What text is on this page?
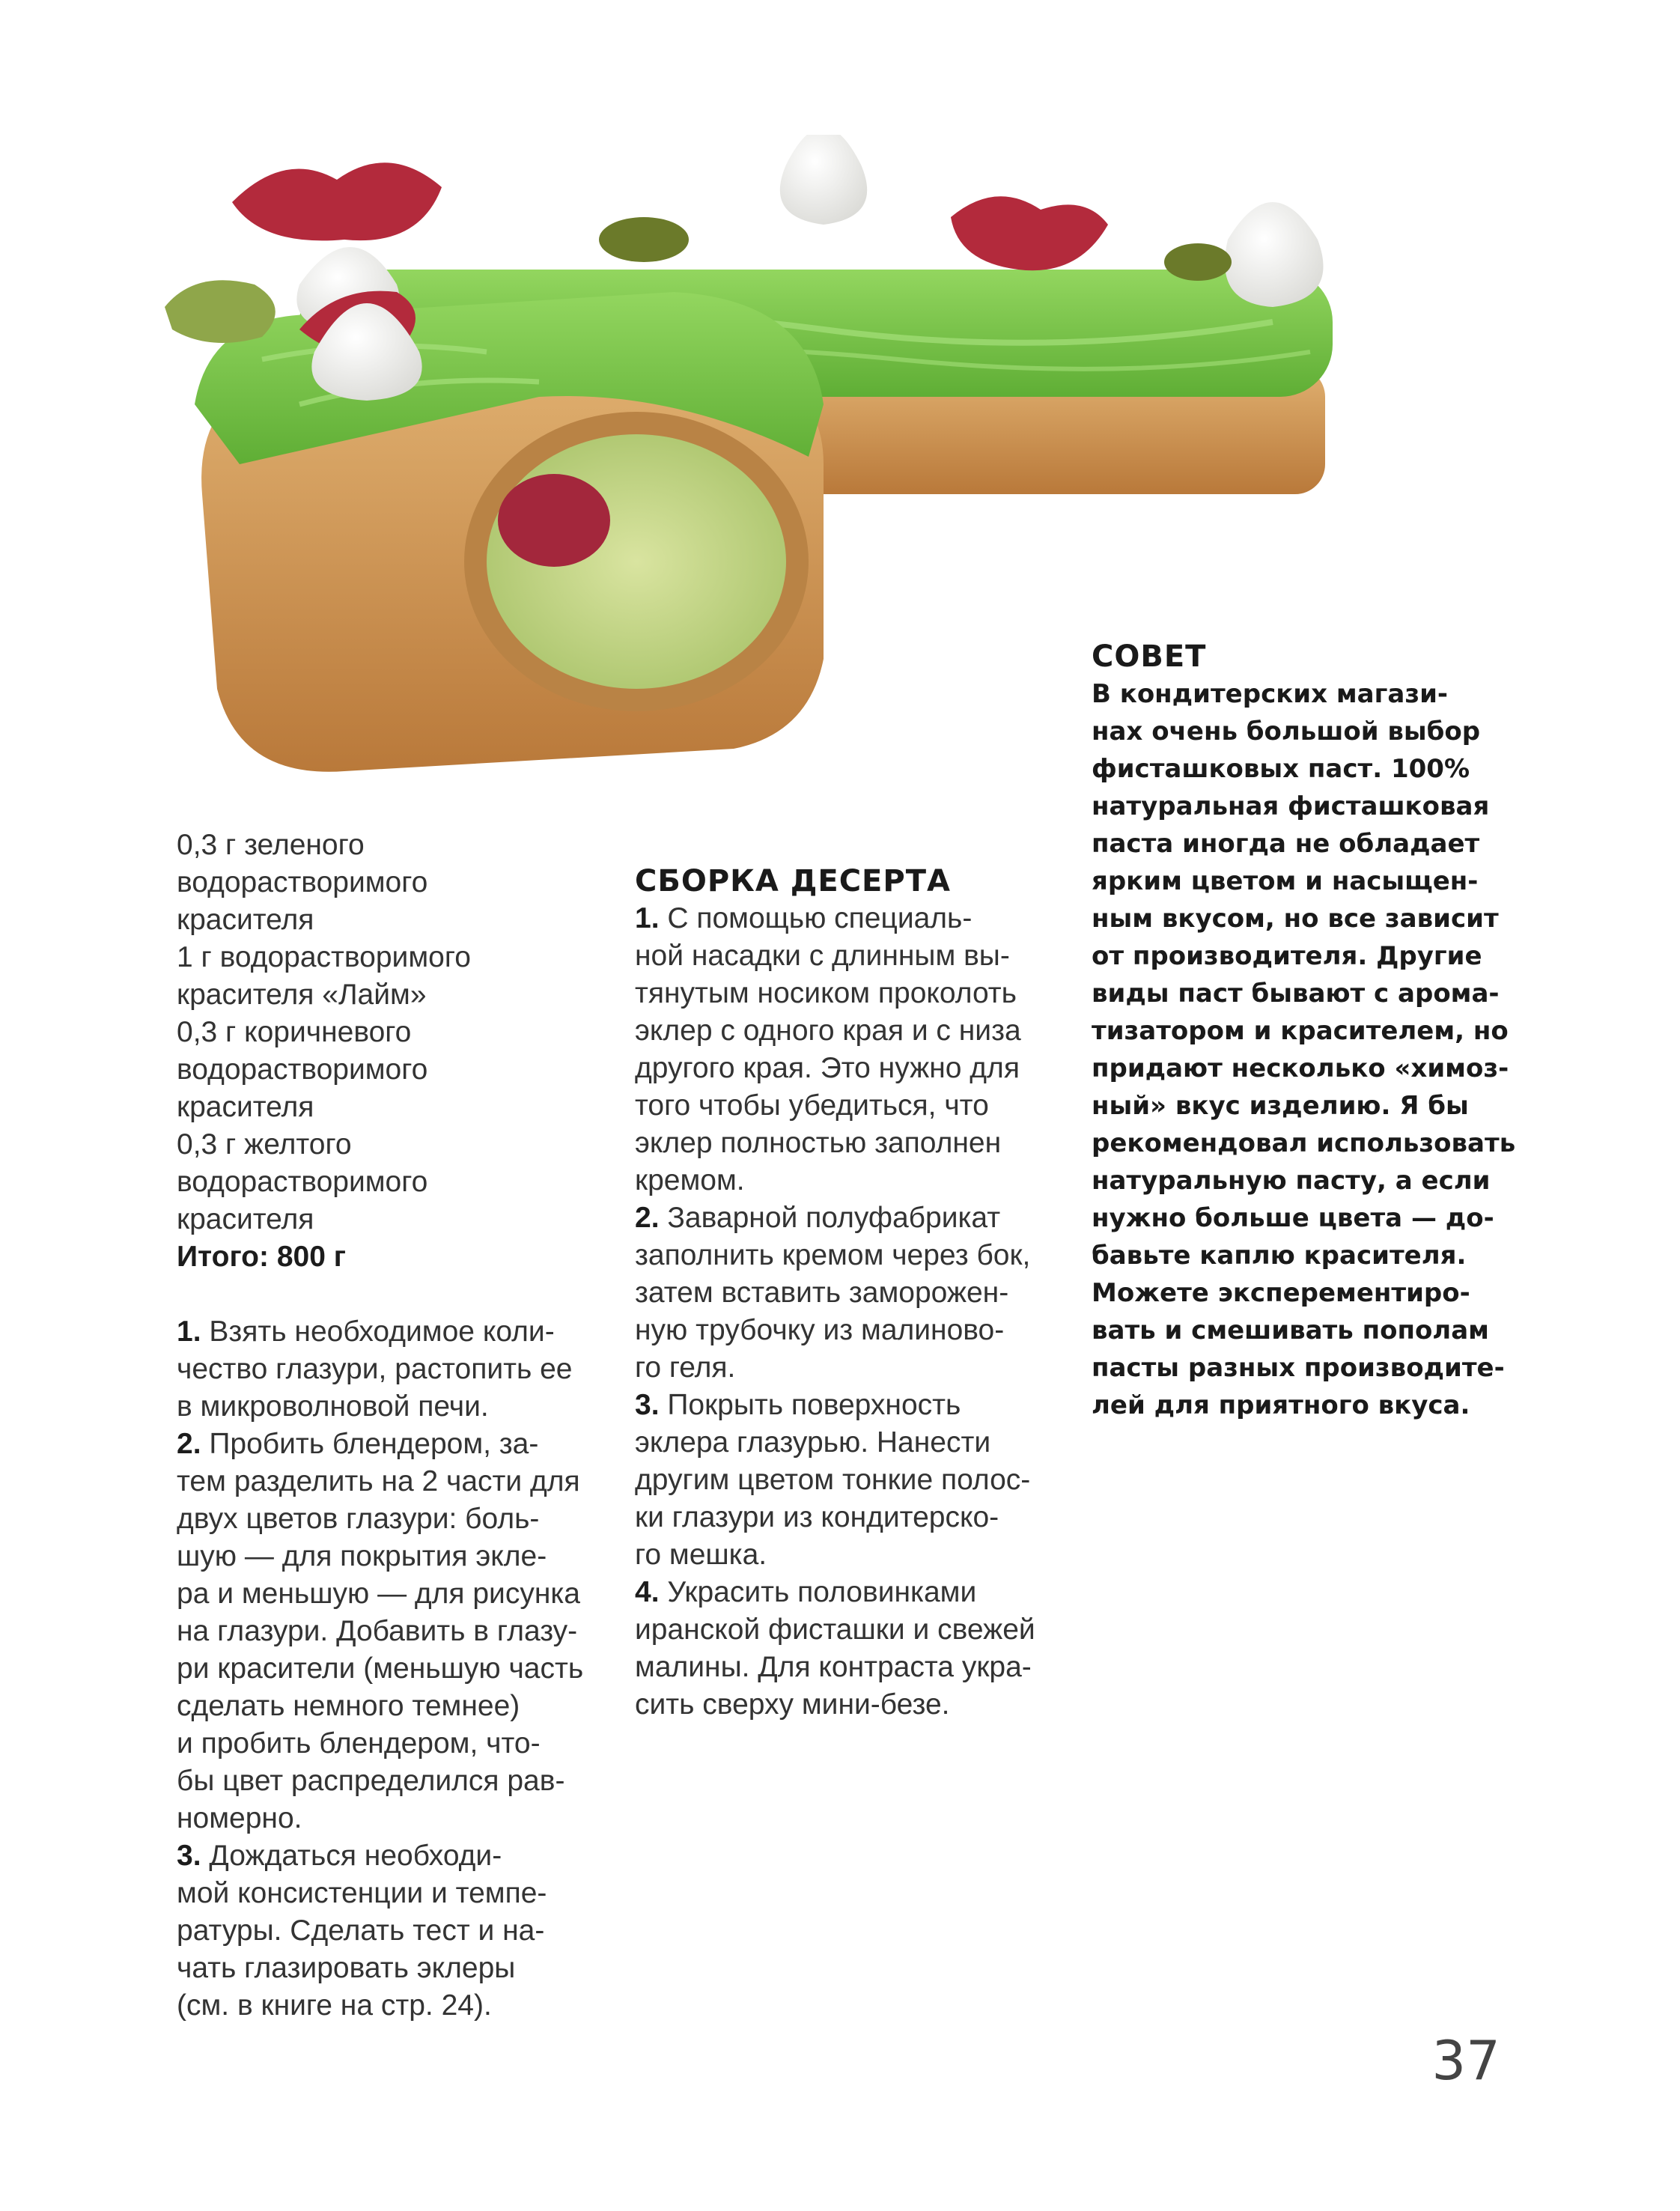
0,3 г зеленого

водорастворимого

красителя

1 г водорастворимого

красителя «Лайм»

0,3 г коричневого

водорастворимого

красителя

0,3 г желтого

водорастворимого

красителя

Итого: 800 г

1. Взять необходимое коли-

чество глазури, растопить ее

в микроволновой печи.

2. Пробить блендером, за-

тем разделить на 2 части для

двух цветов глазури: боль-

шую — для покрытия экле-

ра и меньшую — для рисунка

на глазури. Добавить в глазу-

ри красители (меньшую часть

сделать немного темнее)

и пробить блендером, что-

бы цвет распределился рав-

номерно.

3. Дождаться необходи-

мой консистенции и темпе-

ратуры. Сделать тест и на-

чать глазировать эклеры

(см. в книге на стр. 24).

СБОРКА ДЕСЕРТА

1. С помощью специаль-

ной насадки с длинным вы-

тянутым носиком проколоть

эклер с одного края и с низа

другого края. Это нужно для

того чтобы убедиться, что

эклер полностью заполнен

кремом.

2. Заварной полуфабрикат

заполнить кремом через бок,

затем вставить заморожен-

ную трубочку из малиново-

го геля.

3. Покрыть поверхность

эклера глазурью. Нанести

другим цветом тонкие полос-

ки глазури из кондитерско-

го мешка.

4. Украсить половинками

иранской фисташки и свежей

малины. Для контраста укра-

сить сверху мини-безе.

СОВЕТ

В кондитерских магази-

нах очень большой выбор

фисташковых паст. 100%

натуральная фисташковая

паста иногда не обладает

ярким цветом и насыщен-

ным вкусом, но все зависит

от производителя. Другие

виды паст бывают с арома-

тизатором и красителем, но

придают несколько «химоз-

ный» вкус изделию. Я бы

рекомендовал использовать

натуральную пасту, а если

нужно больше цвета — до-

бавьте каплю красителя.

Можете эксперементиро-

вать и смешивать пополам

пасты разных производите-

лей для приятного вкуса.

37
